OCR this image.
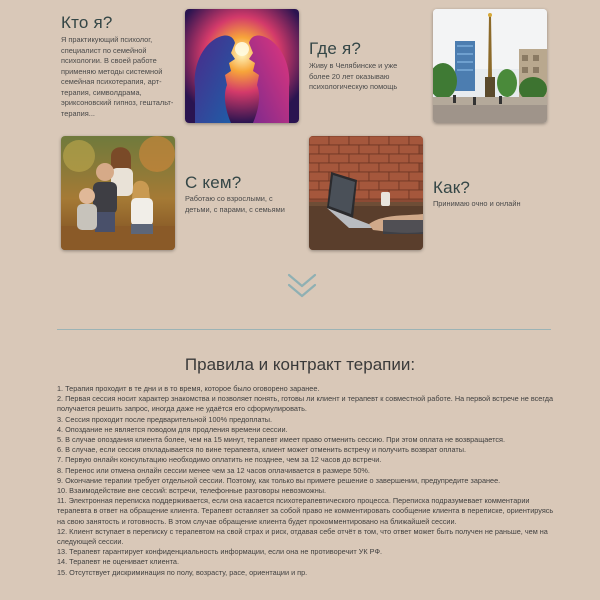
Кто я?

Я практикующий психолог, специалист по семейной психологии. В своей работе применяю методы системной семейная психотерапия, арт-терапия, символдрама, эриксоновский гипноз, гештальт-терапия...

Где я?

Живу в Челябинске и уже более 20 лет оказываю психологическую помощь

С кем?

Работаю со взрослыми, с детьми, с парами, с семьями

Как?

Принимаю очно и онлайн

Правила и контракт терапии:
1. Терапия проходит в те дни и в то время, которое было оговорено заранее.
2. Первая сессия носит характер знакомства и позволяет понять, готовы ли клиент и терапевт к совместной работе. На первой встрече не всегда получается решить запрос, иногда даже не удаётся его сформулировать.
3. Сессия проходит после предварительной 100% предоплаты.
4. Опоздание не является поводом для продления времени сессии.
5. В случае опоздания клиента более, чем на 15 минут, терапевт имеет право отменить сессию. При этом оплата не возвращается.
6. В случае, если сессия откладывается по вине терапевта, клиент может отменить встречу и получить возврат оплаты.
7. Первую онлайн консультацию необходимо оплатить не позднее, чем за 12 часов до встречи.
8. Перенос или отмена онлайн сессии менее чем за 12 часов оплачивается в размере 50%.
9. Окончание терапии требует отдельной сессии. Поэтому, как только вы примете решение о завершении, предупредите заранее.
10. Взаимодействие вне сессий: встречи, телефонные разговоры невозможны.
11. Электронная переписка поддерживается, если она касается психотерапевтического процесса. Переписка подразумевает комментарии терапевта в ответ на обращение клиента. Терапевт оставляет за собой право не комментировать сообщение клиента в переписке, ориентируясь на свою занятость и готовность. В этом случае обращение клиента будет прокомментировано на ближайшей сессии.
12. Клиент вступает в переписку с терапевтом на свой страх и риск, отдавая себе отчёт в том, что ответ может быть получен не раньше, чем на следующей сессии.
13. Терапевт гарантирует конфиденциальность информации, если она не противоречит УК РФ.
14. Терапевт не оценивает клиента.
15. Отсутствует дискриминация по полу, возрасту, расе, ориентации и пр.
